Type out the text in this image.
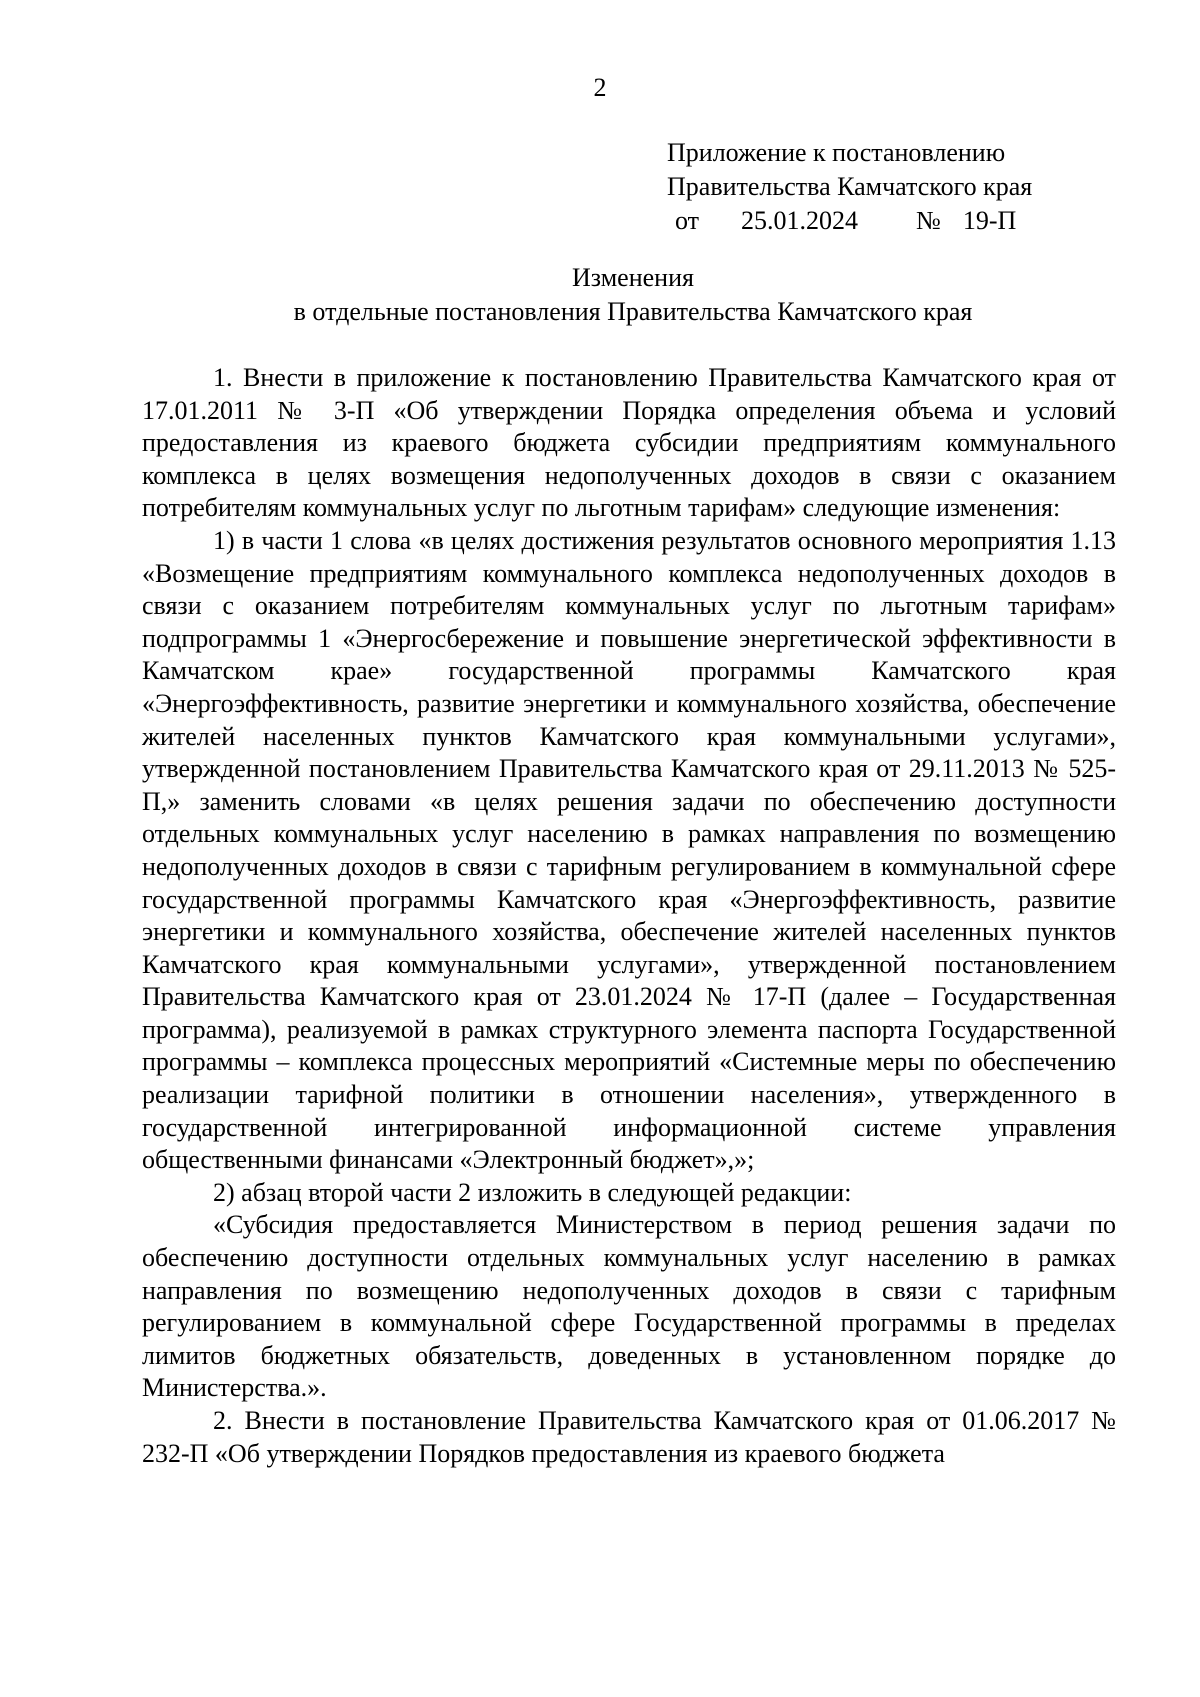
2
Приложение к постановлению
Правительства Камчатского края
от 25.01.2024 № 19-П
Изменения
в отдельные постановления Правительства Камчатского края

1. Внести в приложение к постановлению Правительства Камчатского края от 17.01.2011 № 3-П «Об утверждении Порядка определения объема и условий предоставления из краевого бюджета субсидии предприятиям коммунального комплекса в целях возмещения недополученных доходов в связи с оказанием потребителям коммунальных услуг по льготным тарифам» следующие изменения:

1) в части 1 слова «в целях достижения результатов основного мероприятия 1.13 «Возмещение предприятиям коммунального комплекса недополученных доходов в связи с оказанием потребителям коммунальных услуг по льготным тарифам» подпрограммы 1 «Энергосбережение и повышение энергетической эффективности в Камчатском крае» государственной программы Камчатского края «Энергоэффективность, развитие энергетики и коммунального хозяйства, обеспечение жителей населенных пунктов Камчатского края коммунальными услугами», утвержденной постановлением Правительства Камчатского края от 29.11.2013 № 525-П,» заменить словами «в целях решения задачи по обеспечению доступности отдельных коммунальных услуг населению в рамках направления по возмещению недополученных доходов в связи с тарифным регулированием в коммунальной сфере государственной программы Камчатского края «Энергоэффективность, развитие энергетики и коммунального хозяйства, обеспечение жителей населенных пунктов Камчатского края коммунальными услугами», утвержденной постановлением Правительства Камчатского края от 23.01.2024 № 17-П (далее – Государственная программа), реализуемой в рамках структурного элемента паспорта Государственной программы – комплекса процессных мероприятий «Системные меры по обеспечению реализации тарифной политики в отношении населения», утвержденного в государственной интегрированной информационной системе управления общественными финансами «Электронный бюджет»,»;

2) абзац второй части 2 изложить в следующей редакции:

«Субсидия предоставляется Министерством в период решения задачи по обеспечению доступности отдельных коммунальных услуг населению в рамках направления по возмещению недополученных доходов в связи с тарифным регулированием в коммунальной сфере Государственной программы в пределах лимитов бюджетных обязательств, доведенных в установленном порядке до Министерства.».

2. Внести в постановление Правительства Камчатского края от 01.06.2017 № 232-П «Об утверждении Порядков предоставления из краевого бюджета
